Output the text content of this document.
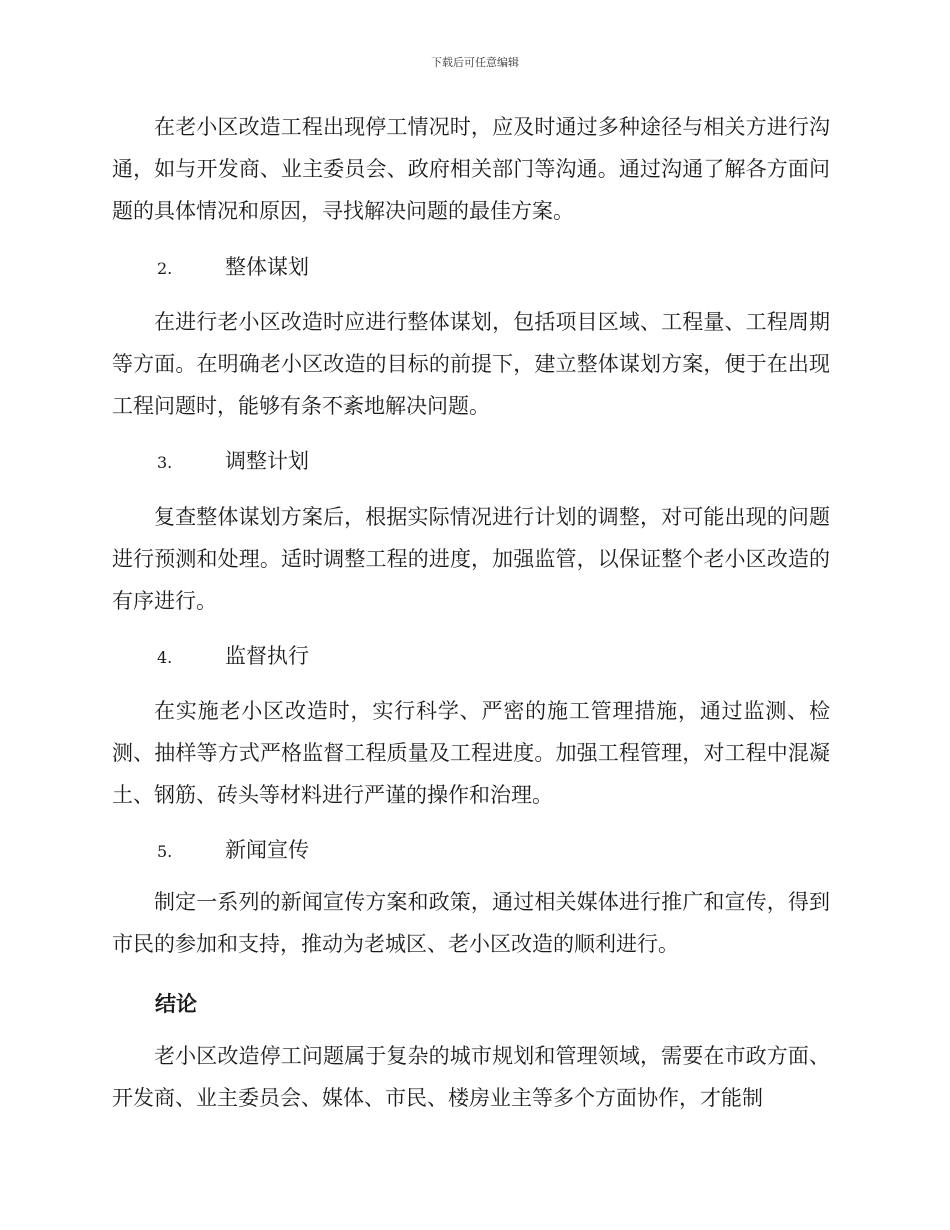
下载后可任意编辑

在老小区改造工程出现停工情况时，应及时通过多种途径与相关方进行沟通，如与开发商、业主委员会、政府相关部门等沟通。通过沟通了解各方面问题的具体情况和原因，寻找解决问题的最佳方案。

2.	整体谋划

在进行老小区改造时应进行整体谋划，包括项目区域、工程量、工程周期等方面。在明确老小区改造的目标的前提下，建立整体谋划方案，便于在出现工程问题时，能够有条不紊地解决问题。

3.	调整计划

复查整体谋划方案后，根据实际情况进行计划的调整，对可能出现的问题进行预测和处理。适时调整工程的进度，加强监管，以保证整个老小区改造的有序进行。

4.	监督执行

在实施老小区改造时，实行科学、严密的施工管理措施，通过监测、检测、抽样等方式严格监督工程质量及工程进度。加强工程管理，对工程中混凝土、钢筋、砖头等材料进行严谨的操作和治理。

5.	新闻宣传

制定一系列的新闻宣传方案和政策，通过相关媒体进行推广和宣传，得到市民的参加和支持，推动为老城区、老小区改造的顺利进行。

结论

老小区改造停工问题属于复杂的城市规划和管理领域，需要在市政方面、开发商、业主委员会、媒体、市民、楼房业主等多个方面协作，才能制
